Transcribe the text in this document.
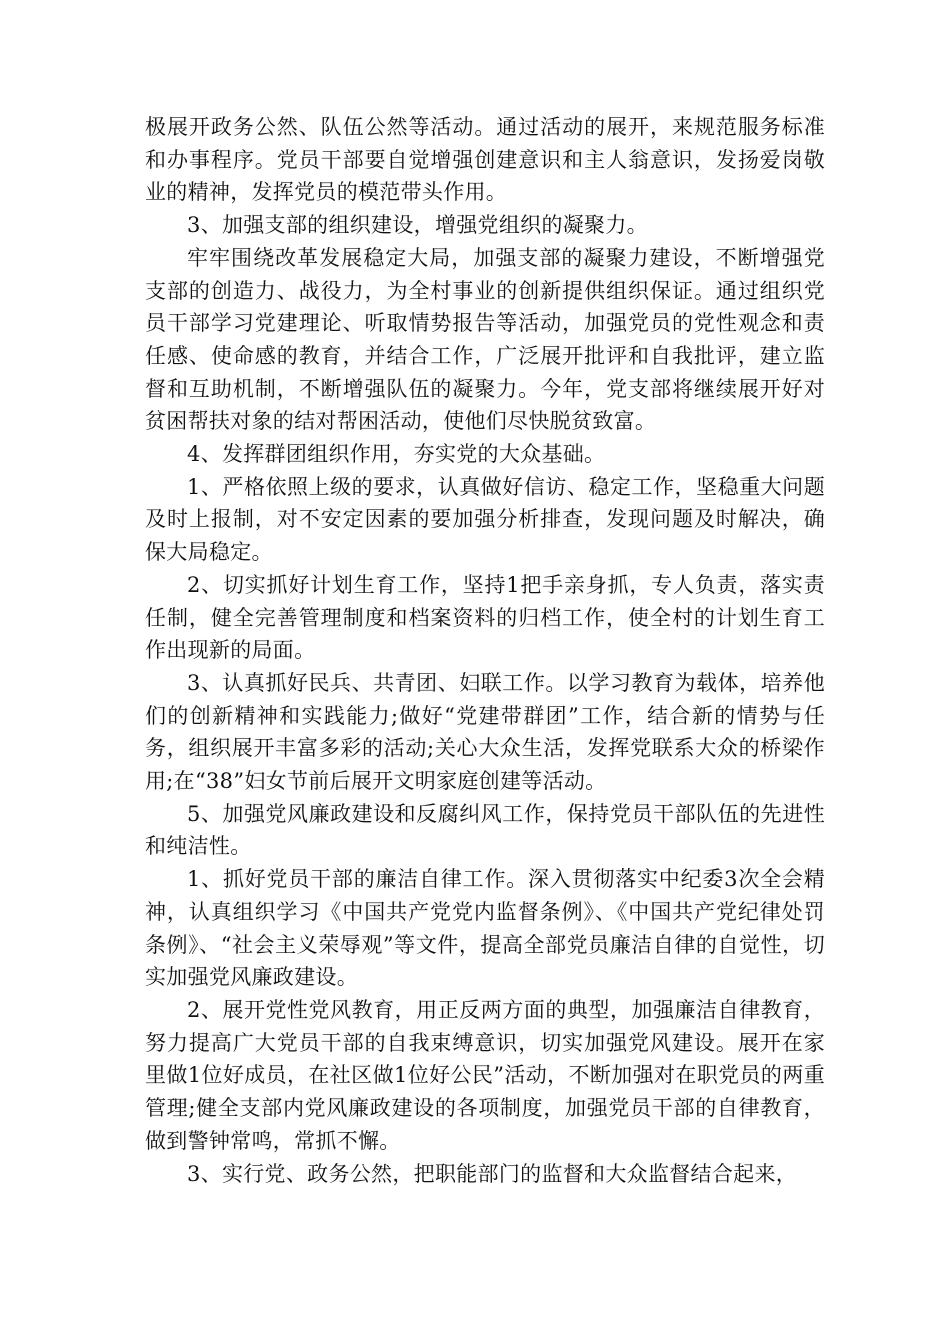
极展开政务公然、队伍公然等活动。通过活动的展开，来规范服务标准和办事程序。党员干部要自觉增强创建意识和主人翁意识，发扬爱岗敬业的精神，发挥党员的模范带头作用。

3、加强支部的组织建设，增强党组织的凝聚力。

牢牢围绕改革发展稳定大局，加强支部的凝聚力建设，不断增强党支部的创造力、战役力，为全村事业的创新提供组织保证。通过组织党员干部学习党建理论、听取情势报告等活动，加强党员的党性观念和责任感、使命感的教育，并结合工作，广泛展开批评和自我批评，建立监督和互助机制，不断增强队伍的凝聚力。今年，党支部将继续展开好对贫困帮扶对象的结对帮困活动，使他们尽快脱贫致富。

4、发挥群团组织作用，夯实党的大众基础。

1、严格依照上级的要求，认真做好信访、稳定工作，坚稳重大问题及时上报制，对不安定因素的要加强分析排查，发现问题及时解决，确保大局稳定。

2、切实抓好计划生育工作，坚持1把手亲身抓，专人负责，落实责任制，健全完善管理制度和档案资料的归档工作，使全村的计划生育工作出现新的局面。

3、认真抓好民兵、共青团、妇联工作。以学习教育为载体，培养他们的创新精神和实践能力;做好“党建带群团”工作，结合新的情势与任务，组织展开丰富多彩的活动;关心大众生活，发挥党联系大众的桥梁作用;在“38”妇女节前后展开文明家庭创建等活动。

5、加强党风廉政建设和反腐纠风工作，保持党员干部队伍的先进性和纯洁性。

1、抓好党员干部的廉洁自律工作。深入贯彻落实中纪委3次全会精神，认真组织学习《中国共产党党内监督条例》、《中国共产党纪律处罚条例》、“社会主义荣辱观”等文件，提高全部党员廉洁自律的自觉性，切实加强党风廉政建设。

2、展开党性党风教育，用正反两方面的典型，加强廉洁自律教育，努力提高广大党员干部的自我束缚意识，切实加强党风建设。展开在家里做1位好成员，在社区做1位好公民”活动，不断加强对在职党员的两重管理;健全支部内党风廉政建设的各项制度，加强党员干部的自律教育，做到警钟常鸣，常抓不懈。

3、实行党、政务公然，把职能部门的监督和大众监督结合起来，
